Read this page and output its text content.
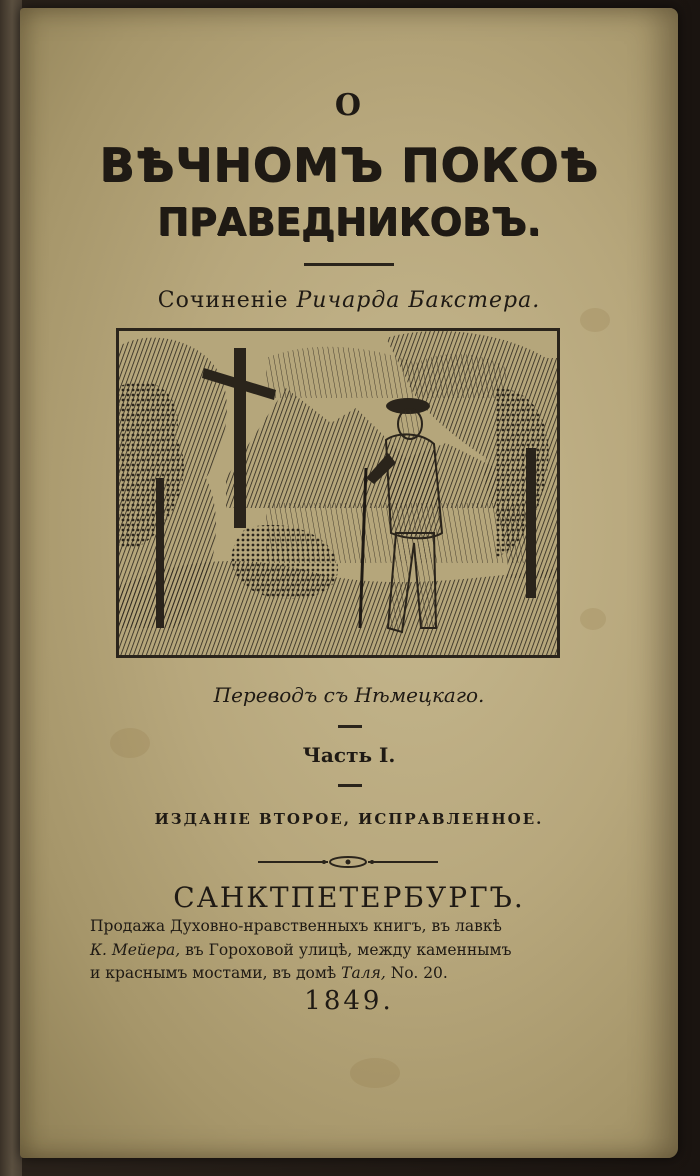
О
ВѢЧНОМЪ ПОКОѢ
ПРАВЕДНИКОВЪ.
Сочиненіе Ричарда Бакстера.
Переводъ съ Нѣмецкаго.
Часть I.
ИЗДАНІЕ ВТОРОЕ, ИСПРАВЛЕННОЕ.
САНКТПЕТЕРБУРГЪ.
Продажа Духовно-нравственныхъ книгъ, въ лавкѣ
К. Мейера, въ Гороховой улицѣ, между каменнымъ
и краснымъ мостами, въ домѣ Таля, No. 20.
1849.
